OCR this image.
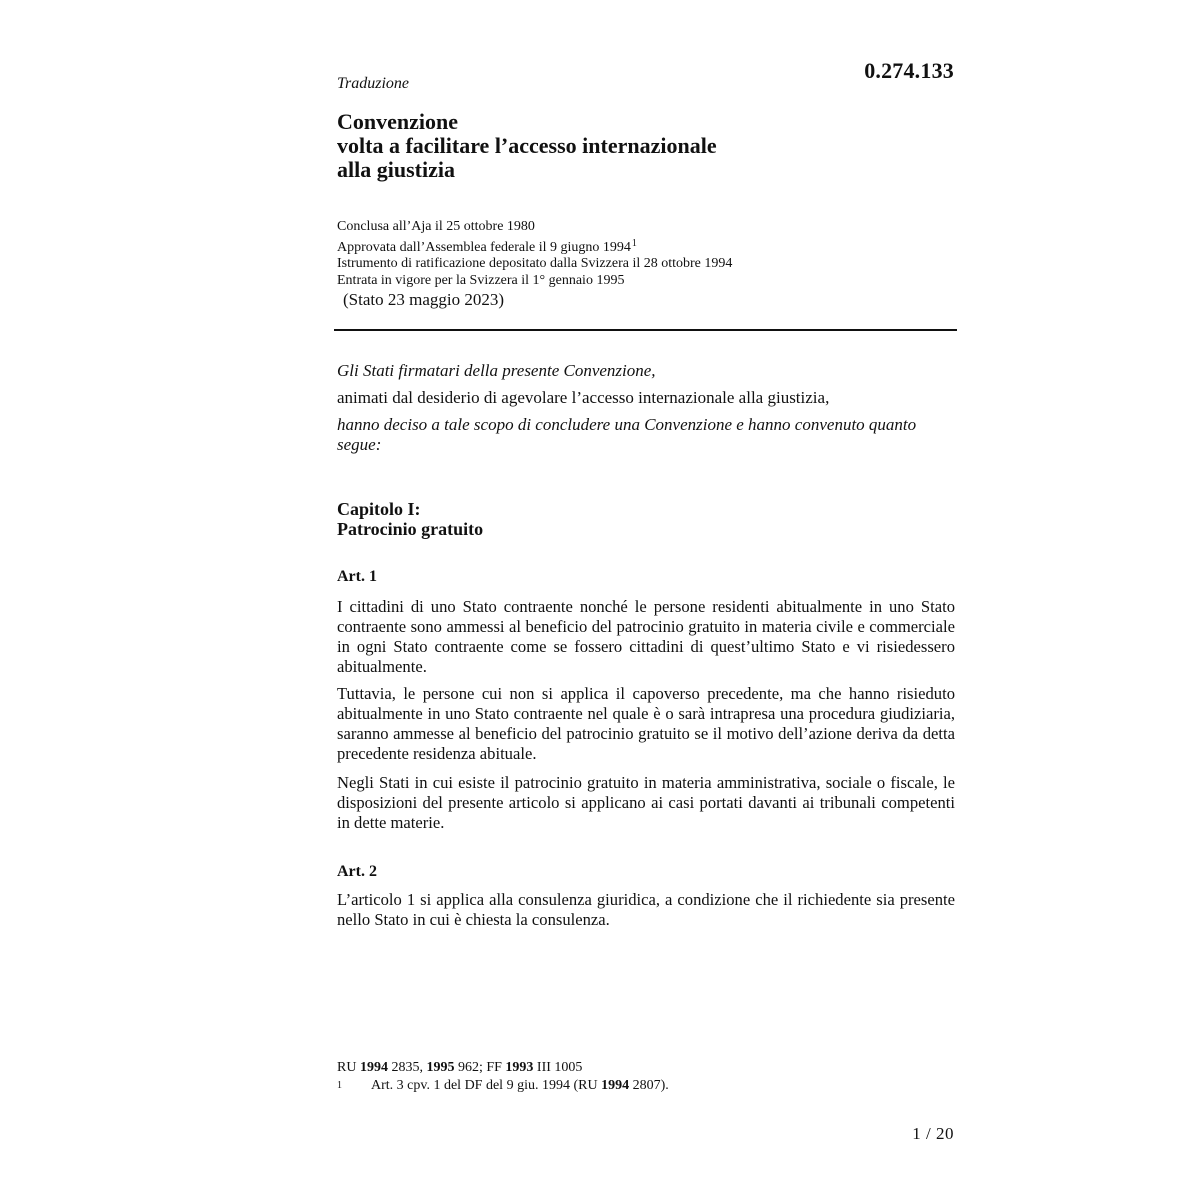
0.274.133
Traduzione
Convenzione
volta a facilitare l’accesso internazionale
alla giustizia
Conclusa all’Aja il 25 ottobre 1980
Approvata dall’Assemblea federale il 9 giugno 1994$^1$
Istrumento di ratificazione depositato dalla Svizzera il 28 ottobre 1994
Entrata in vigore per la Svizzera il 1° gennaio 1995
(Stato 23 maggio 2023)

Gli Stati firmatari della presente Convenzione,

animati dal desiderio di agevolare l’accesso internazionale alla giustizia,

hanno deciso a tale scopo di concludere una Convenzione e hanno convenuto quanto segue:

Capitolo I:
Patrocinio gratuito
Art. 1

I cittadini di uno Stato contraente nonché le persone residenti abitualmente in uno Stato contraente sono ammessi al beneficio del patrocinio gratuito in materia civile e commerciale in ogni Stato contraente come se fossero cittadini di quest’ultimo Stato e vi risiedessero abitualmente.

Tuttavia, le persone cui non si applica il capoverso precedente, ma che hanno risieduto abitualmente in uno Stato contraente nel quale è o sarà intrapresa una procedura giudiziaria, saranno ammesse al beneficio del patrocinio gratuito se il motivo dell’azione deriva da detta precedente residenza abituale.

Negli Stati in cui esiste il patrocinio gratuito in materia amministrativa, sociale o fiscale, le disposizioni del presente articolo si applicano ai casi portati davanti ai tribunali competenti in dette materie.

Art. 2

L’articolo 1 si applica alla consulenza giuridica, a condizione che il richiedente sia presente nello Stato in cui è chiesta la consulenza.

RU 1994 2835, 1995 962; FF 1993 III 1005
1	Art. 3 cpv. 1 del DF del 9 giu. 1994 (RU 1994 2807).
1 / 20
